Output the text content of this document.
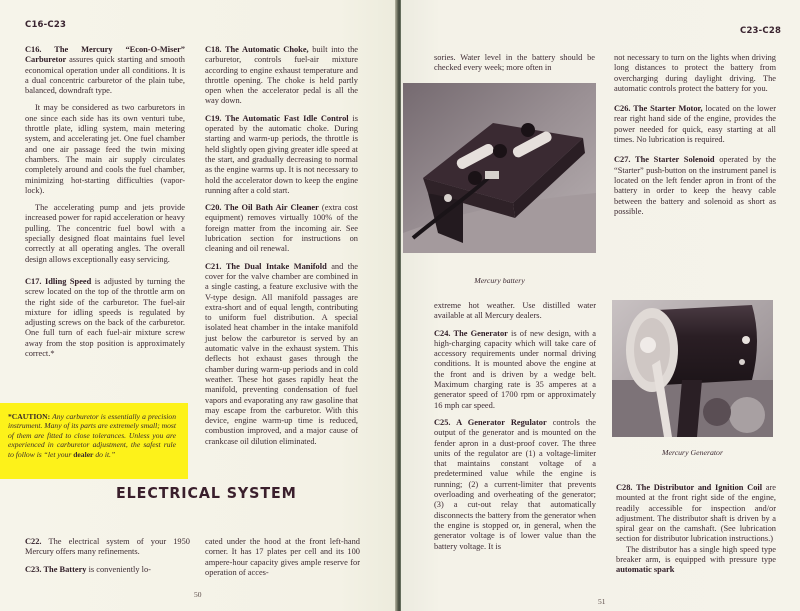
C16-C23

C16. The Mercury “Econ-O-Miser” Carburetor assures quick starting and smooth economical operation under all conditions. It is a dual concentric carburetor of the plain tube, balanced, downdraft type.

It may be considered as two carburetors in one since each side has its own venturi tube, throttle plate, idling system, main metering system, and accelerating jet. One fuel chamber and one air passage feed the twin mixing chambers. The main air supply circulates completely around and cools the fuel chamber, minimizing hot-starting difficulties (vapor-lock).

The accelerating pump and jets provide increased power for rapid acceleration or heavy pulling. The concentric fuel bowl with a specially designed float maintains fuel level correctly at all operating angles. The overall design allows exceptionally easy servicing.

C17. Idling Speed is adjusted by turning the screw located on the top of the throttle arm on the right side of the carburetor. The fuel-air mixture for idling speeds is regulated by adjusting screws on the back of the carburetor. One full turn of each fuel-air mixture screw away from the stop position is approximately correct.*

C18. The Automatic Choke, built into the carburetor, controls fuel-air mixture according to engine exhaust temperature and throttle opening. The choke is held partly open when the accelerator pedal is all the way down.

C19. The Automatic Fast Idle Control is operated by the automatic choke. During starting and warm-up periods, the throttle is held slightly open giving greater idle speed at the start, and gradually decreasing to normal as the engine warms up. It is not necessary to hold the accelerator down to keep the engine running after a cold start.

C20. The Oil Bath Air Cleaner (extra cost equipment) removes virtually 100% of the foreign matter from the incoming air. See lubrication section for instructions on cleaning and oil renewal.

C21. The Dual Intake Manifold and the cover for the valve chamber are combined in a single casting, a feature exclusive with the V-type design. All manifold passages are extra-short and of equal length, contributing to uniform fuel distribution. A special isolated heat chamber in the intake manifold just below the carburetor is served by an automatic valve in the exhaust system. This deflects hot exhaust gases through the chamber during warm-up periods and in cold weather. These hot gases rapidly heat the manifold, preventing condensation of fuel vapors and evaporating any raw gasoline that may escape from the carburetor. With this device, engine warm-up time is reduced, combustion improved, and a major cause of crankcase oil dilution eliminated.

*CAUTION: Any carburetor is essentially a precision instrument. Many of its parts are extremely small; most of them are fitted to close tolerances. Unless you are experienced in carburetor adjustment, the safest rule to follow is “let your dealer do it.”
ELECTRICAL SYSTEM

C22. The electrical system of your 1950 Mercury offers many refinements.

C23. The Battery is conveniently lo-

cated under the hood at the front left-hand corner. It has 17 plates per cell and its 100 ampere-hour capacity gives ample reserve for operation of acces-

50
C23-C28

sories. Water level in the battery should be checked every week; more often in

Mercury battery

extreme hot weather. Use distilled water available at all Mercury dealers.

C24. The Generator is of new design, with a high-charging capacity which will take care of accessory requirements under normal driving conditions. It is mounted above the engine at the front and is driven by a wedge belt. Maximum charging rate is 35 amperes at a generator speed of 1700 rpm or approximately 16 mph car speed.

C25. A Generator Regulator controls the output of the generator and is mounted on the fender apron in a dust-proof cover. The three units of the regulator are (1) a voltage-limiter that maintains constant voltage of a predetermined value while the engine is running; (2) a current-limiter that prevents overloading and overheating of the generator; (3) a cut-out relay that automatically disconnects the battery from the generator when the engine is stopped or, in general, when the generator voltage is of lower value than the battery voltage. It is

not necessary to turn on the lights when driving long distances to protect the battery from overcharging during daylight driving. The automatic controls protect the battery for you.

C26. The Starter Motor, located on the lower rear right hand side of the engine, provides the power needed for quick, easy starting at all times. No lubrication is required.

C27. The Starter Solenoid operated by the “Starter” push-button on the instrument panel is located on the left fender apron in front of the battery in order to keep the heavy cable between the battery and solenoid as short as possible.

Mercury Generator

C28. The Distributor and Ignition Coil are mounted at the front right side of the engine, readily accessible for inspection and/or adjustment. The distributor shaft is driven by a spiral gear on the camshaft. (See lubrication section for distributor lubrication instructions.)

The distributor has a single high speed type breaker arm, is equipped with pressure type automatic spark

51
